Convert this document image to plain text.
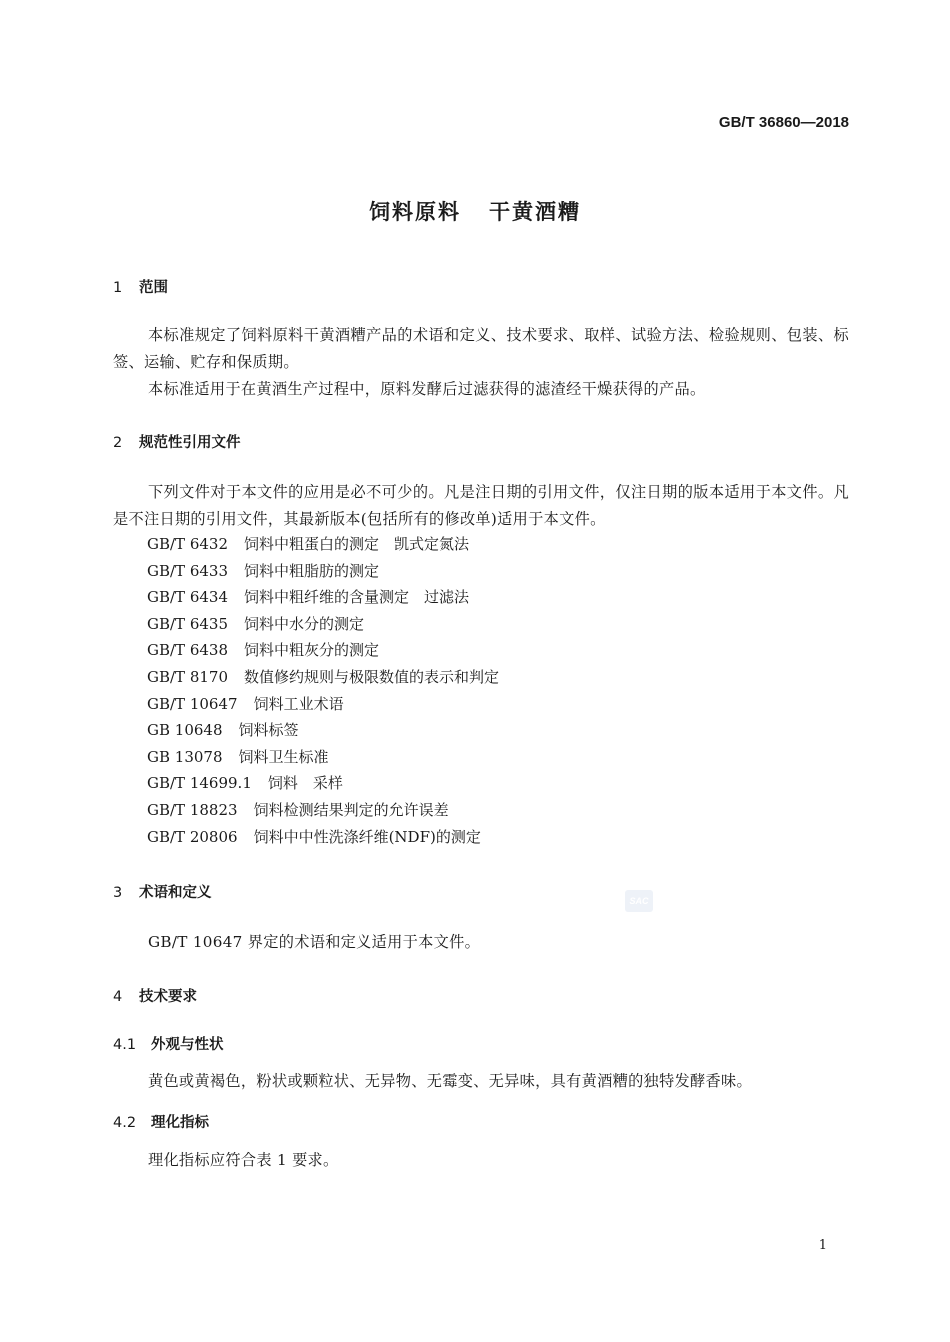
GB/T 36860—2018
饲料原料 干黄酒糟
1 范围
本标准规定了饲料原料干黄酒糟产品的术语和定义、技术要求、取样、试验方法、检验规则、包装、标签、运输、贮存和保质期。
本标准适用于在黄酒生产过程中，原料发酵后过滤获得的滤渣经干燥获得的产品。
2 规范性引用文件
下列文件对于本文件的应用是必不可少的。凡是注日期的引用文件，仅注日期的版本适用于本文件。凡是不注日期的引用文件，其最新版本(包括所有的修改单)适用于本文件。
GB/T 6432 饲料中粗蛋白的测定　凯式定氮法
GB/T 6433 饲料中粗脂肪的测定
GB/T 6434 饲料中粗纤维的含量测定　过滤法
GB/T 6435 饲料中水分的测定
GB/T 6438 饲料中粗灰分的测定
GB/T 8170 数值修约规则与极限数值的表示和判定
GB/T 10647 饲料工业术语
GB 10648 饲料标签
GB 13078 饲料卫生标准
GB/T 14699.1 饲料　采样
GB/T 18823 饲料检测结果判定的允许误差
GB/T 20806 饲料中中性洗涤纤维(NDF)的测定
3 术语和定义	SAC
GB/T 10647 界定的术语和定义适用于本文件。
4 技术要求
4.1 外观与性状
黄色或黄褐色，粉状或颗粒状、无异物、无霉变、无异味，具有黄酒糟的独特发酵香味。
4.2 理化指标
理化指标应符合表 1 要求。
1
